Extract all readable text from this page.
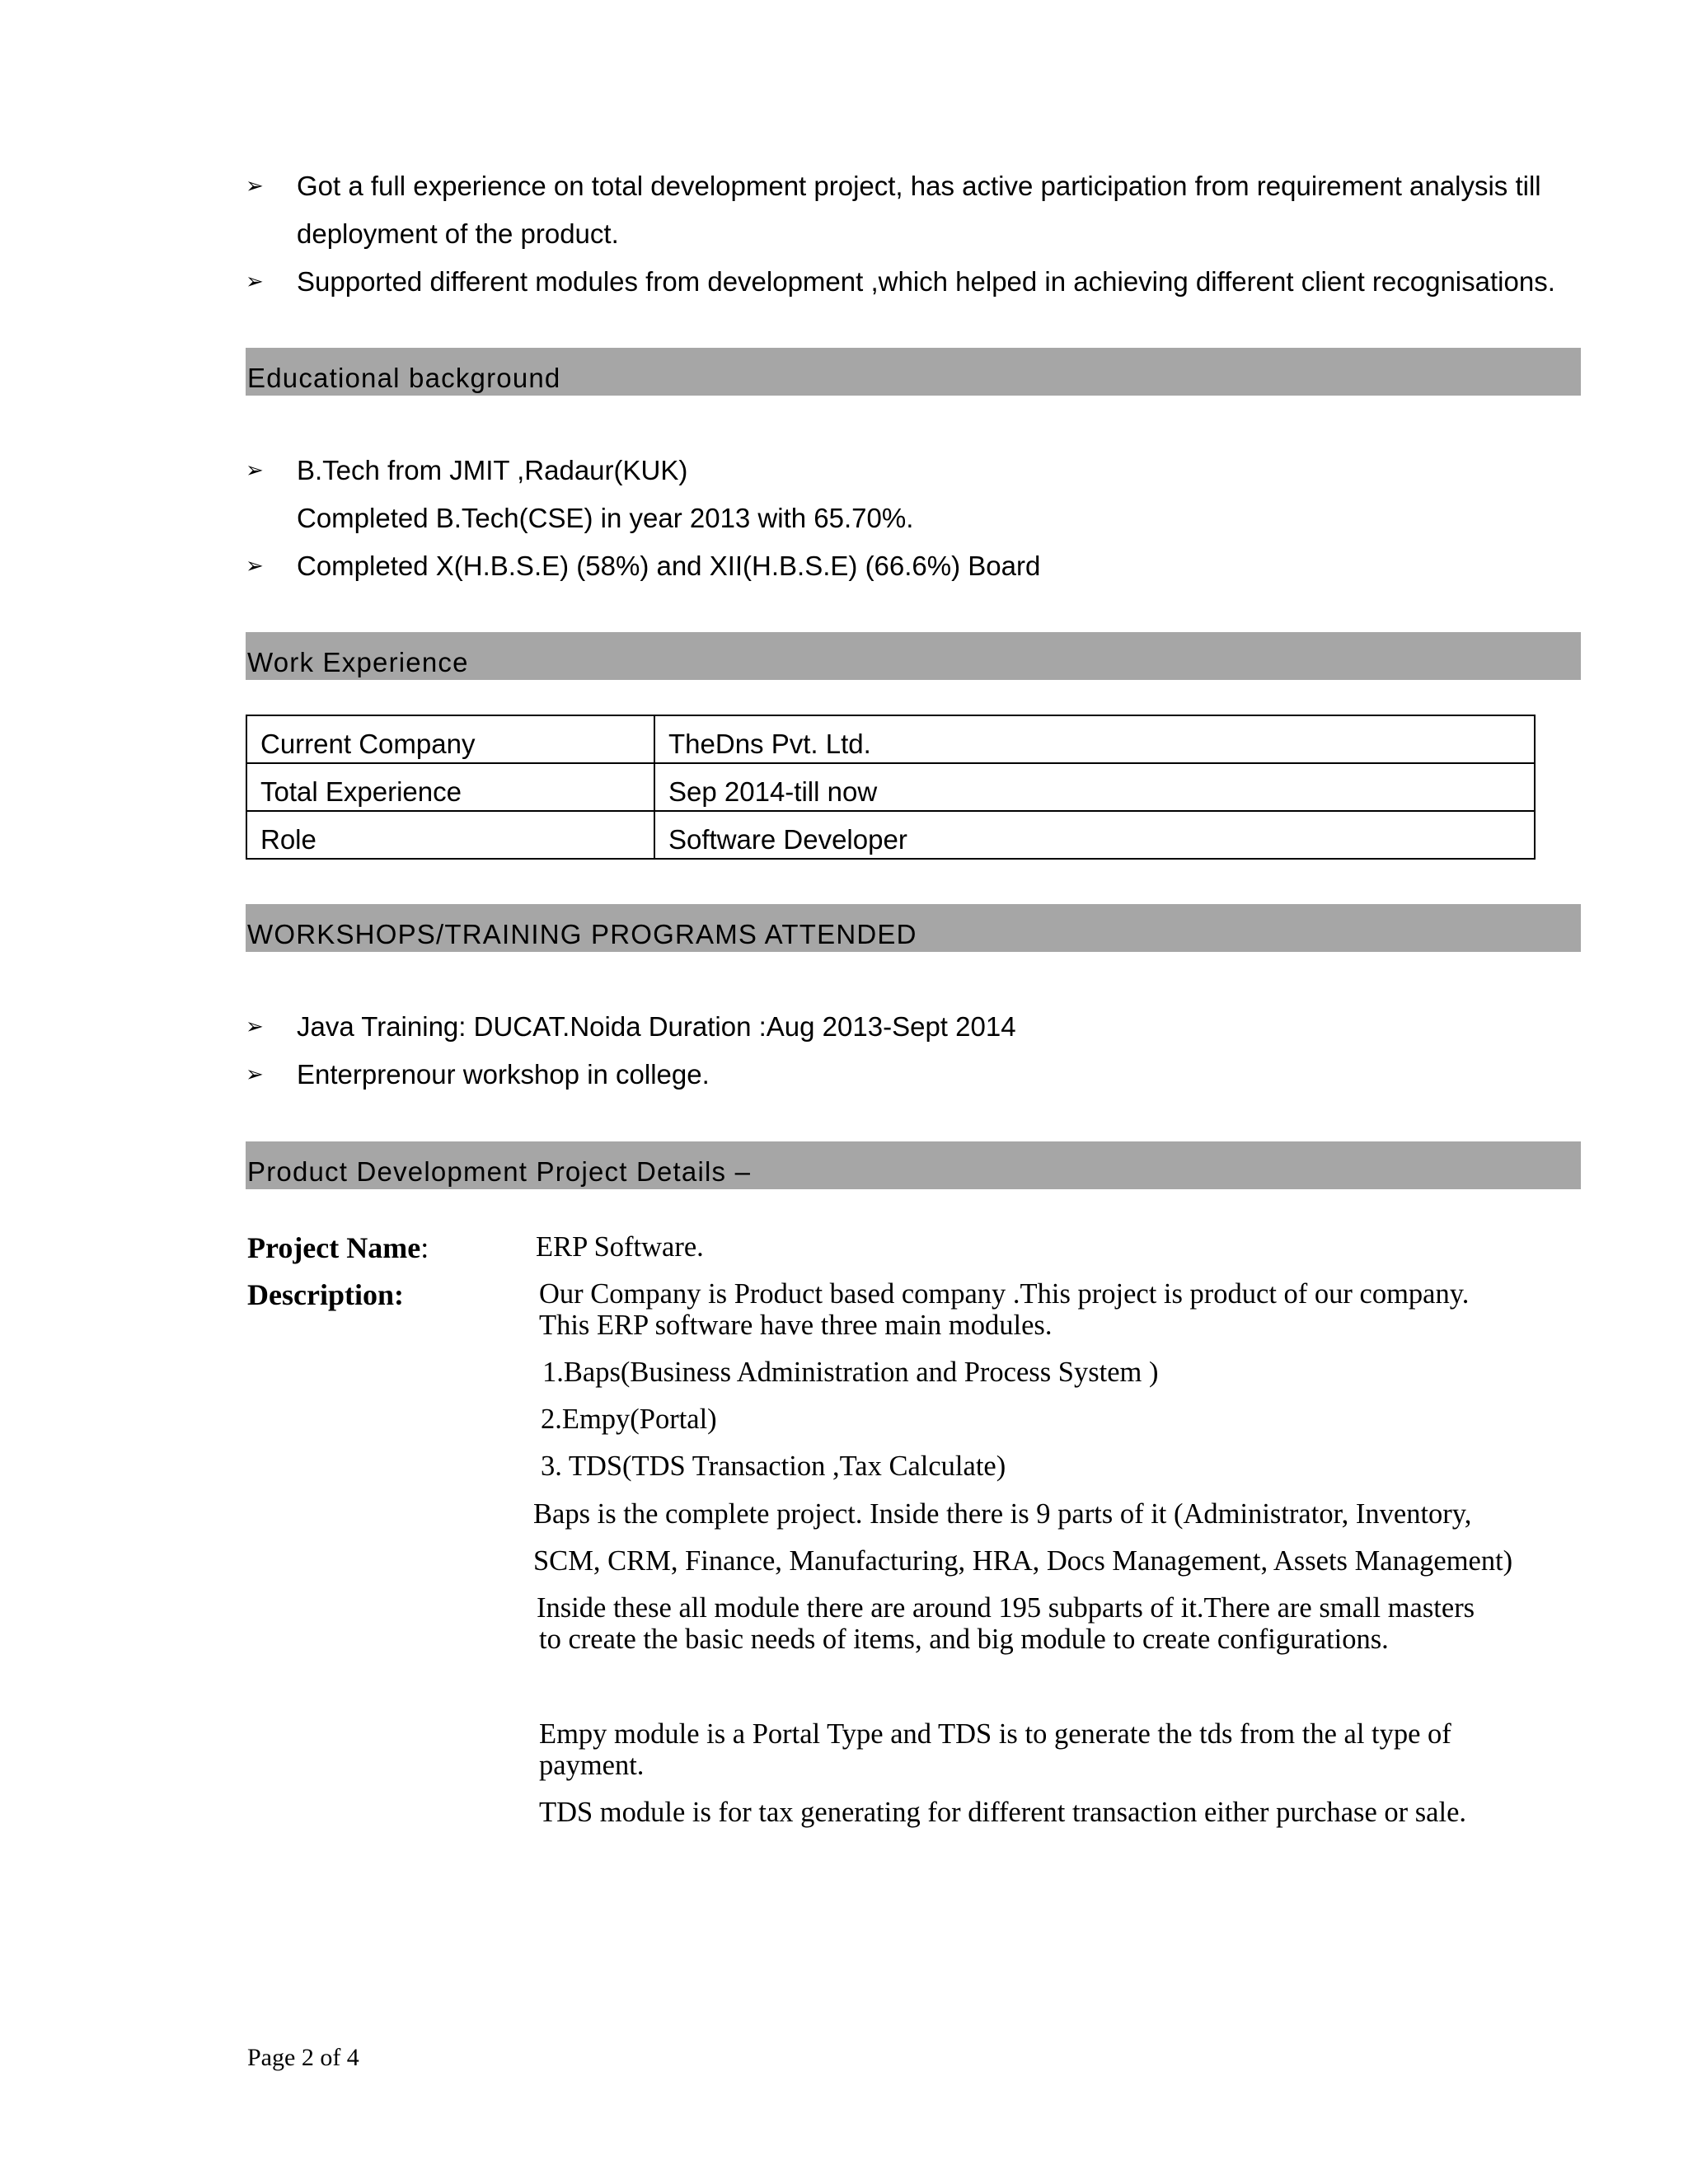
➢ Got a full experience on total development project, has active participation from requirement analysis till
deployment of the product.
➢ Supported different modules from development ,which helped in achieving different client recognisations.
Educational background
➢ B.Tech from JMIT ,Radaur(KUK)
Completed B.Tech(CSE) in year 2013 with 65.70%.
➢ Completed X(H.B.S.E) (58%) and XII(H.B.S.E) (66.6%) Board
Work Experience
Current Company	TheDns Pvt. Ltd.
Total Experience	Sep 2014-till now
Role	Software Developer
WORKSHOPS/TRAINING PROGRAMS ATTENDED
➢ Java Training: DUCAT.Noida Duration :Aug 2013-Sept 2014
➢ Enterprenour workshop in college.
Product Development Project Details –
Project Name:	ERP Software.
Description:	Our Company is Product based company .This project is product of our company.
This ERP software have three main modules.
1.Baps(Business Administration and Process System )
2.Empy(Portal)
3. TDS(TDS Transaction ,Tax Calculate)
Baps is the complete project. Inside there is 9 parts of it (Administrator, Inventory,
SCM, CRM, Finance, Manufacturing, HRA, Docs Management, Assets Management)
Inside these all module there are around 195 subparts of it.There are small masters
to create the basic needs of items, and big module to create configurations.
Empy module is a Portal Type and TDS is to generate the tds from the al type of
payment.
TDS module is for tax generating for different transaction either purchase or sale.
Page 2 of 4
